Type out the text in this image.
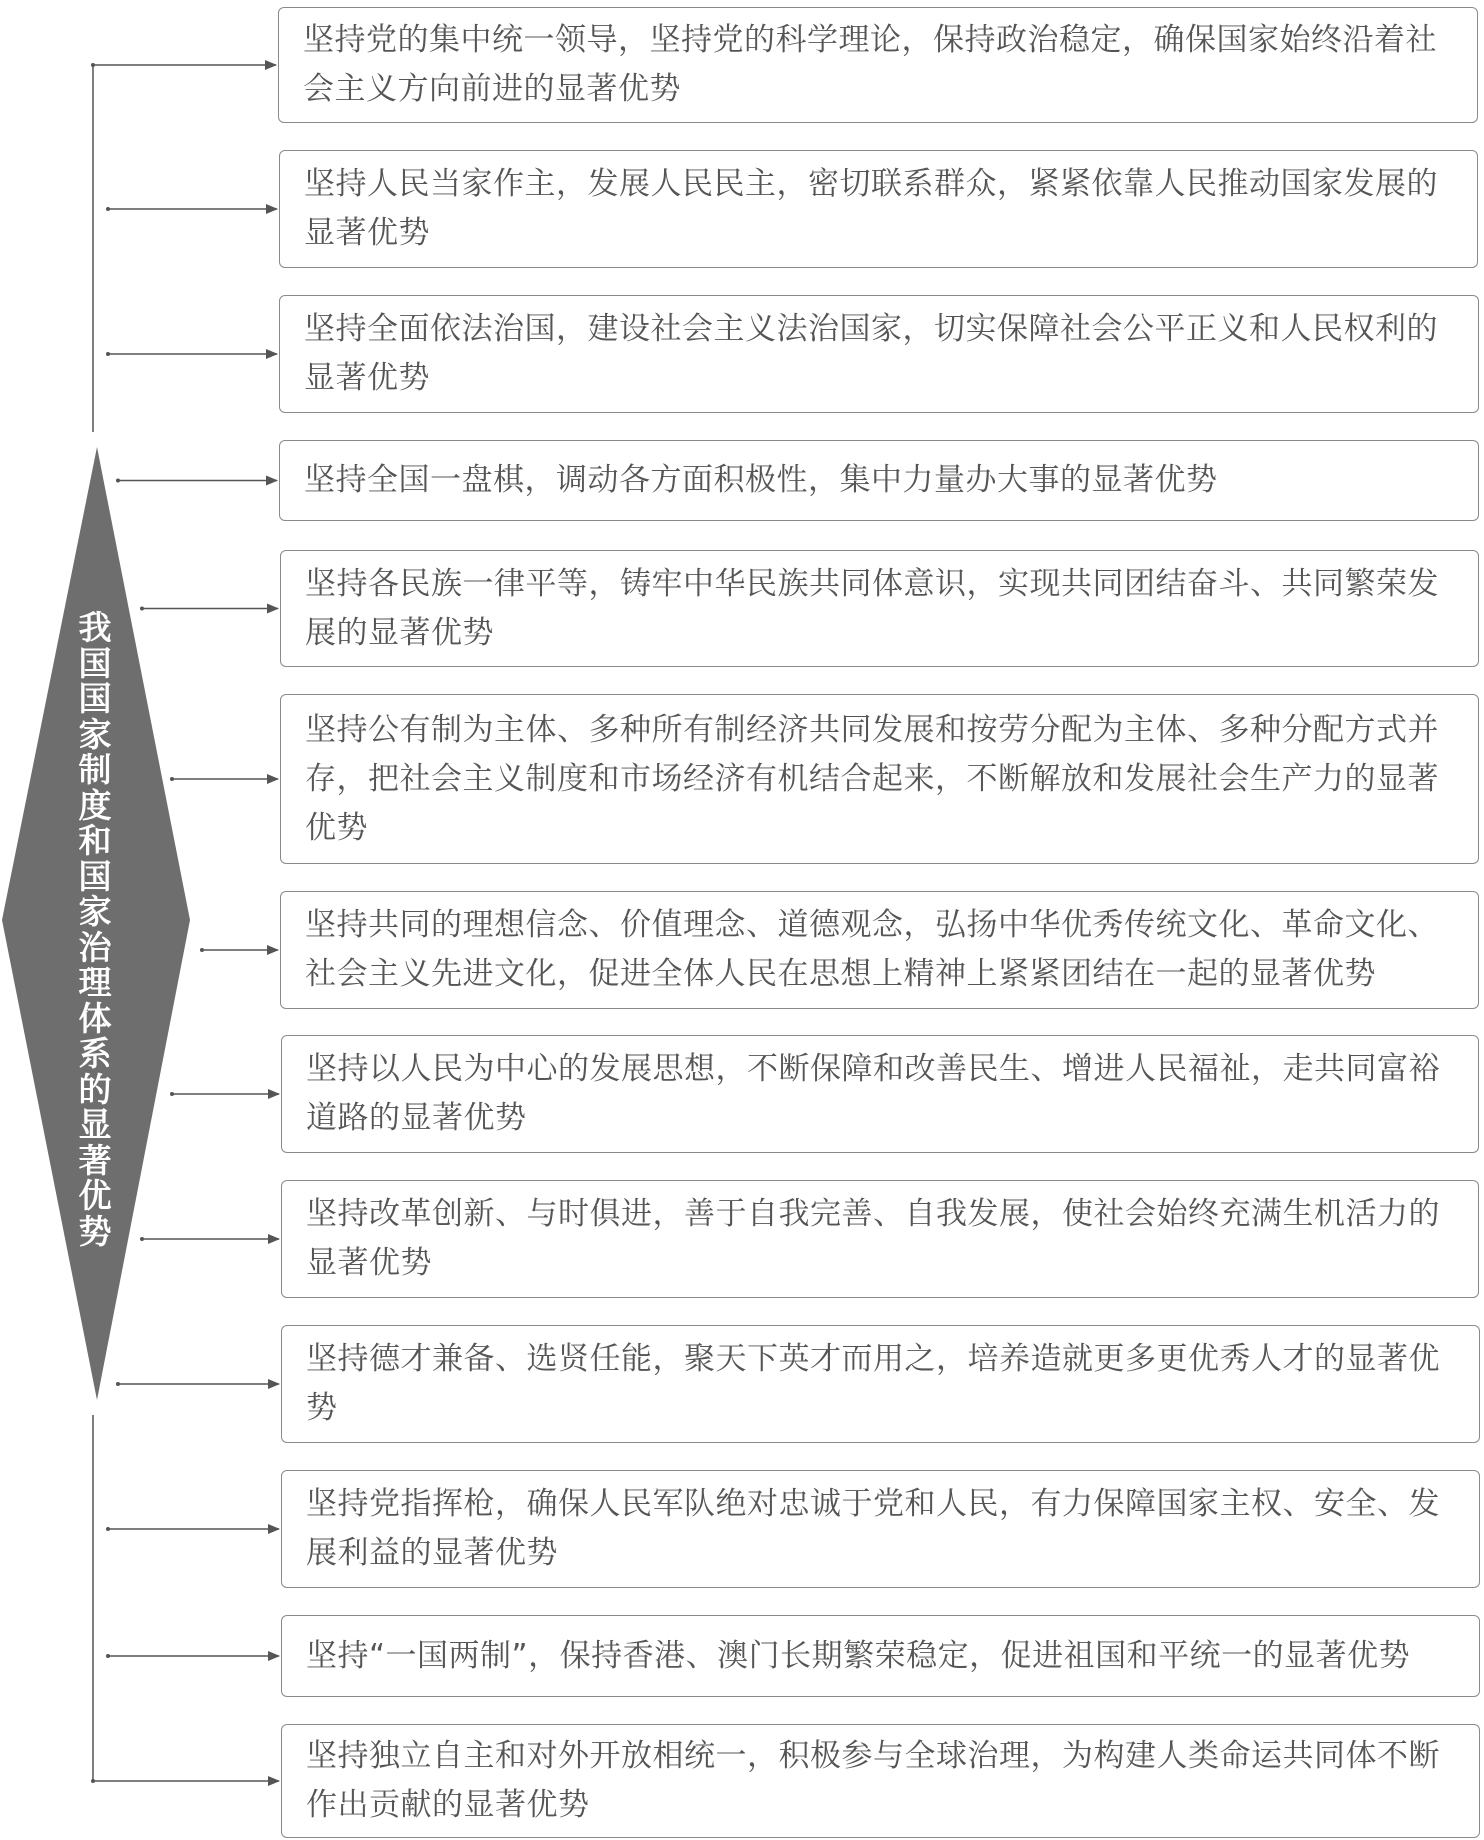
我国国家制度和国家治理体系的显著优势
坚持党的集中统一领导，坚持党的科学理论，保持政治稳定，确保国家始终沿着社会主义方向前进的显著优势
坚持人民当家作主，发展人民民主，密切联系群众，紧紧依靠人民推动国家发展的显著优势
坚持全面依法治国，建设社会主义法治国家，切实保障社会公平正义和人民权利的显著优势
坚持全国一盘棋，调动各方面积极性，集中力量办大事的显著优势
坚持各民族一律平等，铸牢中华民族共同体意识，实现共同团结奋斗、共同繁荣发展的显著优势
坚持公有制为主体、多种所有制经济共同发展和按劳分配为主体、多种分配方式并存，把社会主义制度和市场经济有机结合起来，不断解放和发展社会生产力的显著优势
坚持共同的理想信念、价值理念、道德观念，弘扬中华优秀传统文化、革命文化、社会主义先进文化，促进全体人民在思想上精神上紧紧团结在一起的显著优势
坚持以人民为中心的发展思想，不断保障和改善民生、增进人民福祉，走共同富裕道路的显著优势
坚持改革创新、与时俱进，善于自我完善、自我发展，使社会始终充满生机活力的显著优势
坚持德才兼备、选贤任能，聚天下英才而用之，培养造就更多更优秀人才的显著优势
坚持党指挥枪，确保人民军队绝对忠诚于党和人民，有力保障国家主权、安全、发展利益的显著优势
坚持“一国两制”，保持香港、澳门长期繁荣稳定，促进祖国和平统一的显著优势
坚持独立自主和对外开放相统一，积极参与全球治理，为构建人类命运共同体不断作出贡献的显著优势
